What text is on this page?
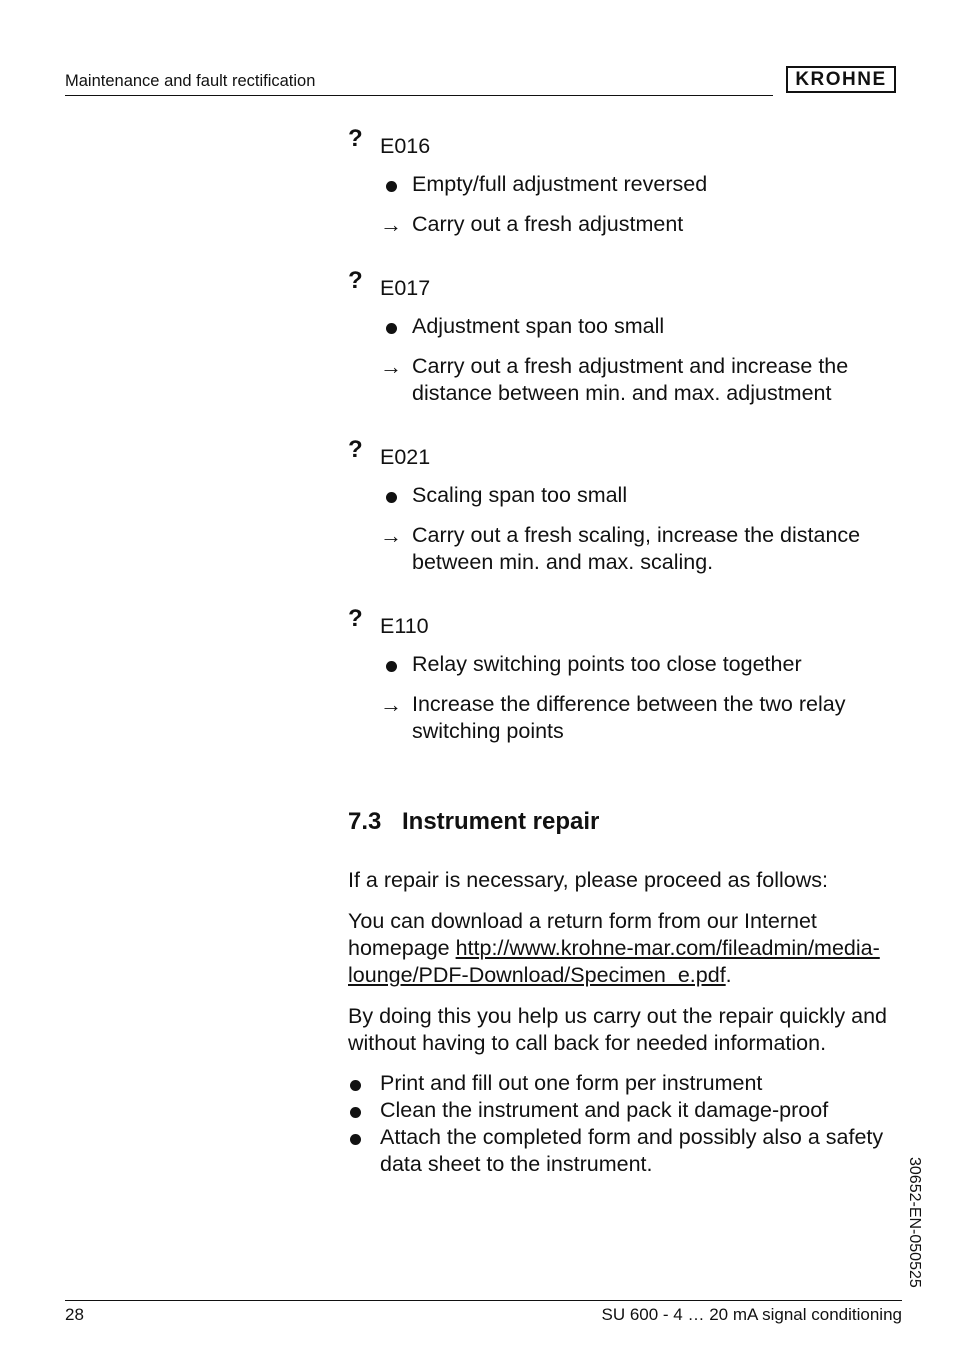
Maintenance and fault rectification	KROHNE
? E016
Empty/full adjustment reversed
→ Carry out a fresh adjustment
? E017
Adjustment span too small
→ Carry out a fresh adjustment and increase the distance between min. and max. adjustment
? E021
Scaling span too small
→ Carry out a fresh scaling, increase the distance between min. and max. scaling.
? E110
Relay switching points too close together
→ Increase the difference between the two relay switching points
7.3 Instrument repair
If a repair is necessary, please proceed as follows:
You can download a return form from our Internet homepage http://www.krohne-mar.com/fileadmin/media-lounge/PDF-Download/Specimen_e.pdf.
By doing this you help us carry out the repair quickly and without having to call back for needed information.
Print and fill out one form per instrument
Clean the instrument and pack it damage-proof
Attach the completed form and possibly also a safety data sheet to the instrument.	30652-EN-050525
28	SU 600 - 4 … 20 mA signal conditioning
